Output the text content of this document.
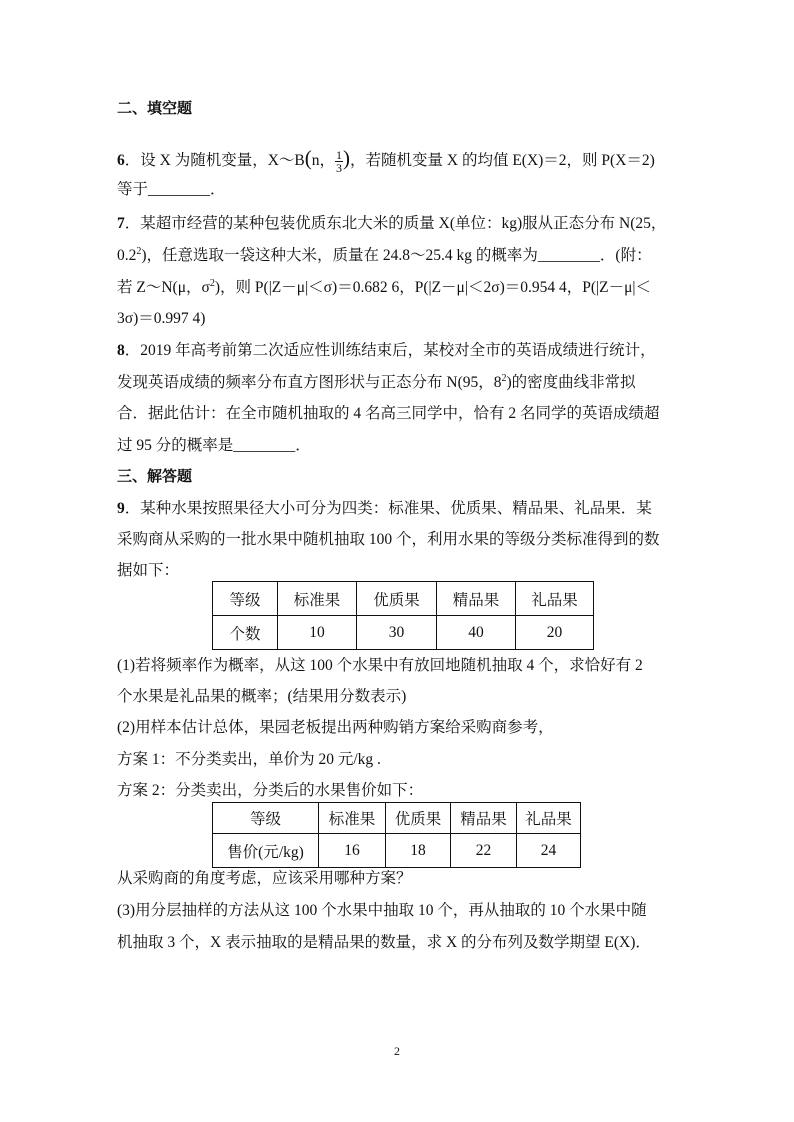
二、填空题
6．设 X 为随机变量，X～B(n， $\frac{1}{3}$)，若随机变量 X 的均值 E(X)＝2，则 P(X＝2)
等于________．
7．某超市经营的某种包装优质东北大米的质量 X(单位：kg)服从正态分布 N(25，
$0.2^2$)，任意选取一袋这种大米，质量在 24.8～25.4 kg 的概率为________．(附：
若 Z～N(μ，$\sigma^2$)，则 P(|Z－μ|＜σ)＝0.682 6，P(|Z－μ|＜2σ)＝0.954 4，P(|Z－μ|＜
3σ)＝0.997 4)
8．2019 年高考前第二次适应性训练结束后，某校对全市的英语成绩进行统计，
发现英语成绩的频率分布直方图形状与正态分布 N(95，$8^2$)的密度曲线非常拟
合．据此估计：在全市随机抽取的 4 名高三同学中，恰有 2 名同学的英语成绩超
过 95 分的概率是________．
三、解答题
9．某种水果按照果径大小可分为四类：标准果、优质果、精品果、礼品果．某
采购商从采购的一批水果中随机抽取 100 个，利用水果的等级分类标准得到的数
据如下：
等级	标准果	优质果	精品果	礼品果
个数	10	30	40	20
(1)若将频率作为概率，从这 100 个水果中有放回地随机抽取 4 个，求恰好有 2
个水果是礼品果的概率；(结果用分数表示)
(2)用样本估计总体，果园老板提出两种购销方案给采购商参考，
方案 1：不分类卖出，单价为 20 元/kg .
方案 2：分类卖出，分类后的水果售价如下：
等级	标准果	优质果	精品果	礼品果
售价(元/kg)	16	18	22	24
从采购商的角度考虑，应该采用哪种方案？
(3)用分层抽样的方法从这 100 个水果中抽取 10 个，再从抽取的 10 个水果中随
机抽取 3 个，X 表示抽取的是精品果的数量，求 X 的分布列及数学期望 E(X)．
2
